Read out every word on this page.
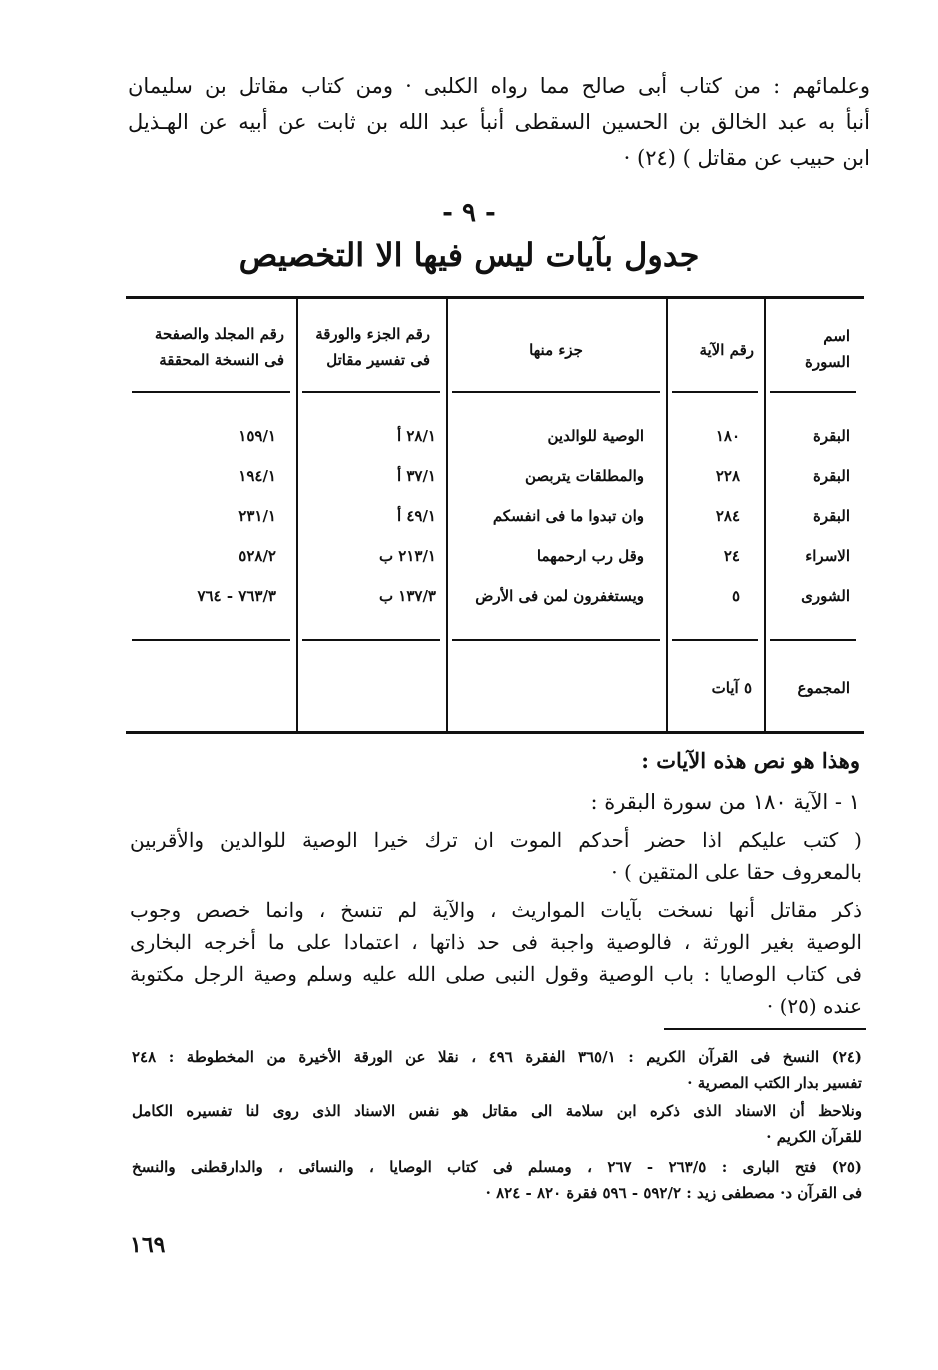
وعلمائهم : من كتاب أبى صالح مما رواه الكلبى · ومن كتاب مقاتل بن سليمان
أنبأ به عبد الخالق بن الحسين السقطى أنبأ عبد الله بن ثابت عن أبيه عن الهـذيل
ابن حبيب عن مقاتل ) (٢٤) ·
- ٩ -
جدول بآيات ليس فيها الا التخصيص
اسم
السورة
رقم الآية
جزء منها
رقم الجزء والورقة
فى تفسير مقاتل
رقم المجلد والصفحة
فى النسخة المحققة
البقرة
١٨٠
الوصية للوالدين
٢٨/١ أ
١٥٩/١
البقرة
٢٢٨
والمطلقات يتربصن
٣٧/١ أ
١٩٤/١
البقرة
٢٨٤
وان تبدوا ما فى انفسكم
٤٩/١ أ
٢٣١/١
الاسراء
٢٤
وقل رب ارحمهما
٢١٣/١ ب
٥٢٨/٢
الشورى
٥
ويستغفرون لمن فى الأرض
١٣٧/٣ ب
٧٦٣/٣ - ٧٦٤
المجموع
٥ آيات
وهذا هو نص هذه الآيات :
١ - الآية ١٨٠ من سورة البقرة :
( كتب عليكم اذا حضر أحدكم الموت ان ترك خيرا الوصية للوالدين والأقربين
بالمعروف حقا على المتقين ) ·
ذكر مقاتل أنها نسخت بآيات المواريث ، والآية لم تنسخ ، وانما خصص وجوب
الوصية بغير الورثة ، فالوصية واجبة فى حد ذاتها ، اعتمادا على ما أخرجه البخارى
فى كتاب الوصايا : باب الوصية وقول النبى صلى الله عليه وسلم وصية الرجل مكتوبة
عنده (٢٥) ·
(٢٤) النسخ فى القرآن الكريم : ٣٦٥/١ الفقرة ٤٩٦ ، نقلا عن الورقة الأخيرة من المخطوطة : ٢٤٨
تفسير بدار الكتب المصرية ·
ونلاحظ أن الاسناد الذى ذكره ابن سلامة الى مقاتل هو نفس الاسناد الذى روى لنا تفسيره الكامل
للقرآن الكريم ·
(٢٥) فتح البارى : ٢٦٣/٥ - ٢٦٧ ، ومسلم فى كتاب الوصايا ، والنسائى ، والدارقطنى والنسخ
فى القرآن د· مصطفى زيد : ٥٩٢/٢ - ٥٩٦ فقرة ٨٢٠ - ٨٢٤ ·
١٦٩
